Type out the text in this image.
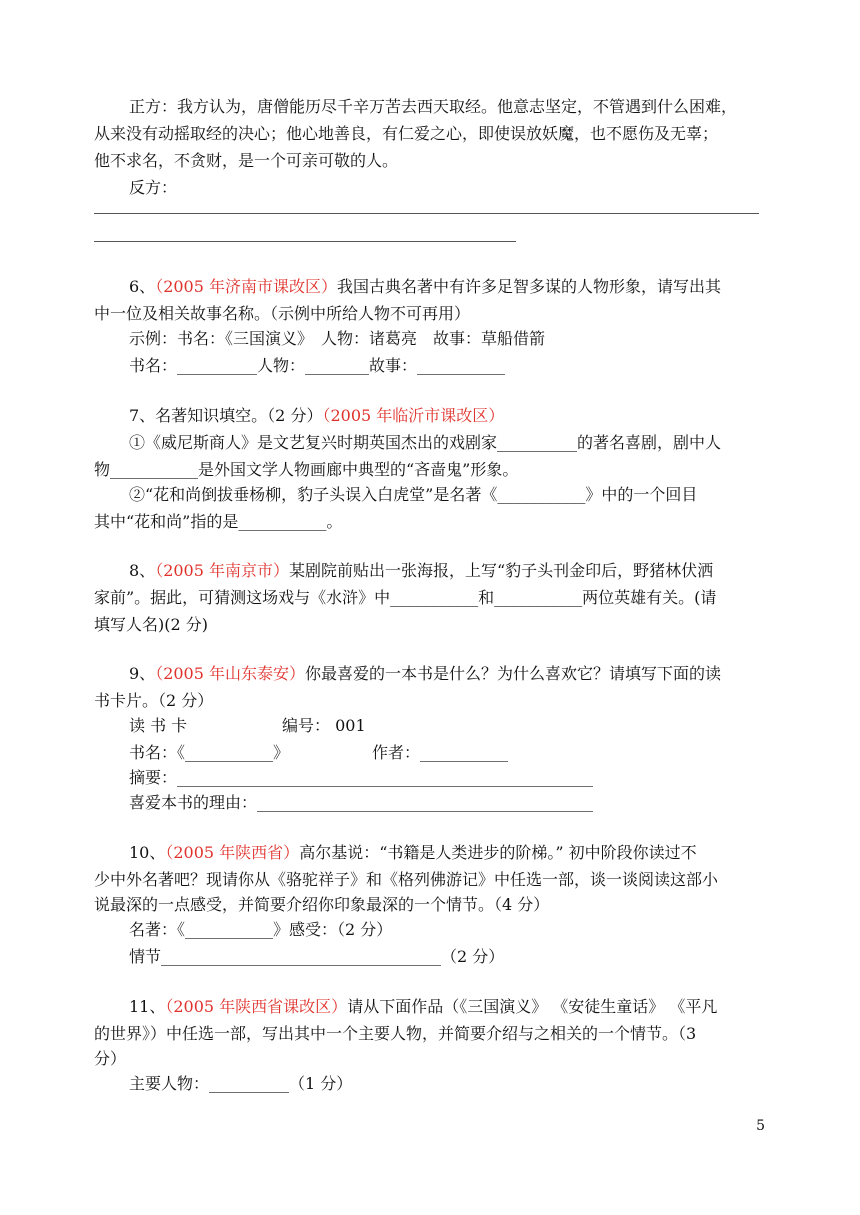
正方：我方认为，唐僧能历尽千辛万苦去西天取经。他意志坚定，不管遇到什么困难，
从来没有动摇取经的决心；他心地善良，有仁爱之心，即使误放妖魔，也不愿伤及无辜；
他不求名，不贪财，是一个可亲可敬的人。
反方：
6、（2005 年济南市课改区）我国古典名著中有许多足智多谋的人物形象，请写出其
中一位及相关故事名称。（示例中所给人物不可再用）
示例：书名：《三国演义》　人物：诸葛亮　故事：草船借箭
书名：__________人物：________故事：___________
7、名著知识填空。（2 分）（2005 年临沂市课改区）
①《威尼斯商人》是文艺复兴时期英国杰出的戏剧家__________的著名喜剧，剧中人
物___________是外国文学人物画廊中典型的“吝啬鬼”形象。
②“花和尚倒拔垂杨柳，豹子头误入白虎堂”是名著《___________》中的一个回目
其中“花和尚”指的是___________。
8、（2005 年南京市）某剧院前贴出一张海报，上写“豹子头刊金印后，野猪林伏洒
家前”。据此，可猜测这场戏与《水浒》中___________和___________两位英雄有关。(请
填写人名)(2 分)
9、（2005 年山东泰安）你最喜爱的一本书是什么？为什么喜欢它？请填写下面的读
书卡片。（2 分）
读 书 卡	编号： 001
书名：《___________》	作者：___________
摘要：____________________________________________________
喜爱本书的理由：__________________________________________
10、（2005 年陕西省）高尔基说：“书籍是人类进步的阶梯。” 初中阶段你读过不
少中外名著吧？现请你从《骆驼祥子》和《格列佛游记》中任选一部，谈一谈阅读这部小
说最深的一点感受，并简要介绍你印象最深的一个情节。（4 分）
名著：《___________》感受：（2 分）
情节___________________________________（2 分）
11、（2005 年陕西省课改区）请从下面作品（《三国演义》 《安徒生童话》 《平凡
的世界》）中任选一部，写出其中一个主要人物，并简要介绍与之相关的一个情节。（3
分）
主要人物：__________（1 分）
5
